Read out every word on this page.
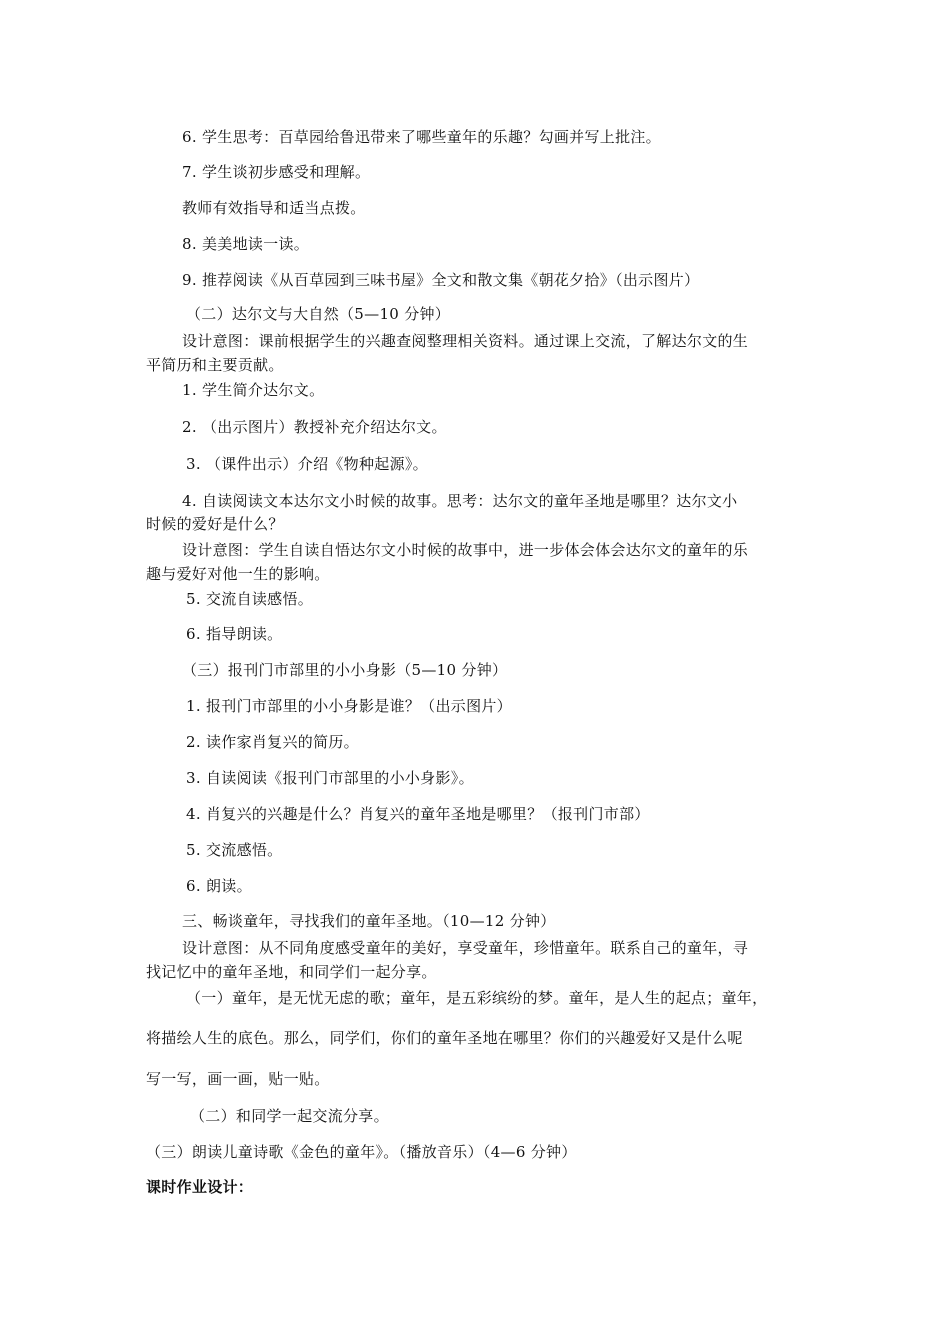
6. 学生思考：百草园给鲁迅带来了哪些童年的乐趣？勾画并写上批注。
7. 学生谈初步感受和理解。
教师有效指导和适当点拨。
8. 美美地读一读。
9. 推荐阅读《从百草园到三味书屋》全文和散文集《朝花夕拾》（出示图片）
（二）达尔文与大自然（5—10 分钟）
设计意图：课前根据学生的兴趣查阅整理相关资料。通过课上交流，了解达尔文的生
平简历和主要贡献。
1. 学生简介达尔文。
2. （出示图片）教授补充介绍达尔文。
3. （课件出示）介绍《物种起源》。
4. 自读阅读文本达尔文小时候的故事。思考：达尔文的童年圣地是哪里？达尔文小
时候的爱好是什么？
设计意图：学生自读自悟达尔文小时候的故事中，进一步体会体会达尔文的童年的乐
趣与爱好对他一生的影响。
5. 交流自读感悟。
6. 指导朗读。
（三）报刊门市部里的小小身影（5—10 分钟）
1. 报刊门市部里的小小身影是谁？（出示图片）
2. 读作家肖复兴的简历。
3. 自读阅读《报刊门市部里的小小身影》。
4. 肖复兴的兴趣是什么？肖复兴的童年圣地是哪里？（报刊门市部）
5. 交流感悟。
6. 朗读。
三、畅谈童年，寻找我们的童年圣地。（10—12 分钟）
设计意图：从不同角度感受童年的美好，享受童年，珍惜童年。联系自己的童年，寻
找记忆中的童年圣地，和同学们一起分享。
（一）童年，是无忧无虑的歌；童年，是五彩缤纷的梦。童年，是人生的起点；童年，
将描绘人生的底色。那么，同学们，你们的童年圣地在哪里？你们的兴趣爱好又是什么呢
写一写，画一画，贴一贴。
（二）和同学一起交流分享。
（三）朗读儿童诗歌《金色的童年》。（播放音乐）（4—6 分钟）
课时作业设计：
